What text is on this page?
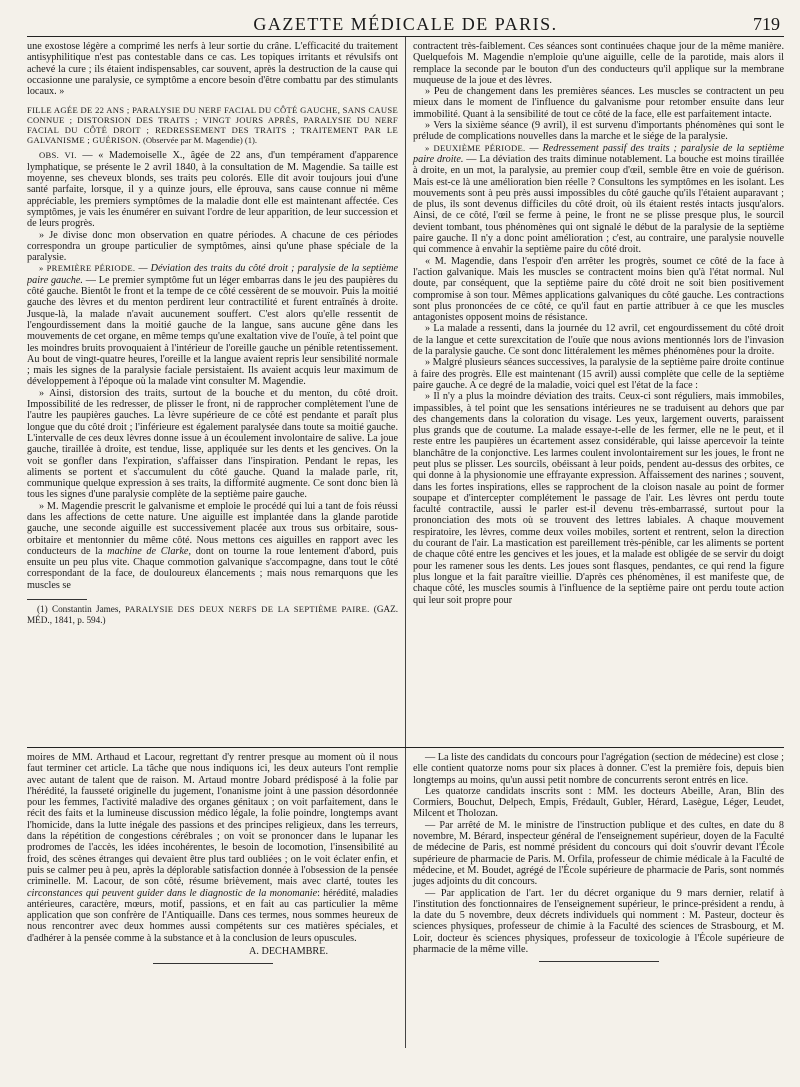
GAZETTE MÉDICALE DE PARIS.	719

une exostose légère a comprimé les nerfs à leur sortie du crâne. L'efficacité du traitement antisyphilitique n'est pas contestable dans ce cas. Les topiques irritants et révulsifs ont achevé la cure ; ils étaient indispensables, car souvent, après la destruction de la cause qui occasionne une paralysie, ce symptôme a encore besoin d'être combattu par des stimulants locaux. »

FILLE AGÉE DE 22 ANS ; PARALYSIE DU NERF FACIAL DU CÔTÉ GAUCHE, SANS CAUSE CONNUE ; DISTORSION DES TRAITS ; VINGT JOURS APRÈS, PARALYSIE DU NERF FACIAL DU CÔTÉ DROIT ; REDRESSEMENT DES TRAITS ; TRAITEMENT PAR LE GALVANISME ; GUÉRISON. (Observée par M. Magendie) (1).

OBS. VI. — « Mademoiselle X., âgée de 22 ans, d'un tempérament d'apparence lymphatique, se présente le 2 avril 1840, à la consultation de M. Magendie. Sa taille est moyenne, ses cheveux blonds, ses traits peu colorés. Elle dit avoir toujours joui d'une santé parfaite, lorsque, il y a quinze jours, elle éprouva, sans cause connue ni même appréciable, les premiers symptômes de la maladie dont elle est maintenant affectée. Ces symptômes, je vais les énumérer en suivant l'ordre de leur apparition, de leur succession et de leurs progrès.

» Je divise donc mon observation en quatre périodes. A chacune de ces périodes correspondra un groupe particulier de symptômes, ainsi qu'une phase spéciale de la paralysie.

» PREMIÈRE PÉRIODE. — Déviation des traits du côté droit ; paralysie de la septième paire gauche. — Le premier symptôme fut un léger embarras dans le jeu des paupières du côté gauche. Bientôt le front et la tempe de ce côté cessèrent de se mouvoir. Puis la moitié gauche des lèvres et du menton perdirent leur contractilité et furent entraînés à droite. Jusque-là, la malade n'avait aucunement souffert. C'est alors qu'elle ressentit de l'engourdissement dans la moitié gauche de la langue, sans aucune gêne dans les mouvements de cet organe, en même temps qu'une exaltation vive de l'ouïe, à tel point que les moindres bruits provoquaient à l'intérieur de l'oreille gauche un pénible retentissement. Au bout de vingt-quatre heures, l'oreille et la langue avaient repris leur sensibilité normale ; mais les signes de la paralysie faciale persistaient. Ils avaient acquis leur maximum de développement à l'époque où la malade vint consulter M. Magendie.

» Ainsi, distorsion des traits, surtout de la bouche et du menton, du côté droit. Impossibilité de les redresser, de plisser le front, ni de rapprocher complètement l'une de l'autre les paupières gauches. La lèvre supérieure de ce côté est pendante et paraît plus longue que du côté droit ; l'inférieure est également paralysée dans toute sa moitié gauche. L'intervalle de ces deux lèvres donne issue à un écoulement involontaire de salive. La joue gauche, tiraillée à droite, est tendue, lisse, appliquée sur les dents et les gencives. On la voit se gonfler dans l'expiration, s'affaisser dans l'inspiration. Pendant le repas, les aliments se portent et s'accumulent du côté gauche. Quand la malade parle, rit, communique quelque expression à ses traits, la difformité augmente. Ce sont donc bien là tous les signes d'une paralysie complète de la septième paire gauche.

» M. Magendie prescrit le galvanisme et emploie le procédé qui lui a tant de fois réussi dans les affections de cette nature. Une aiguille est implantée dans la glande parotide gauche, une seconde aiguille est successivement placée aux trous sus orbitaire, sous-orbitaire et mentonnier du même côté. Nous mettons ces aiguilles en rapport avec les conducteurs de la machine de Clarke, dont on tourne la roue lentement d'abord, puis ensuite un peu plus vite. Chaque commotion galvanique s'accompagne, dans tout le côté correspondant de la face, de douloureux élancements ; mais nous remarquons que les muscles se

(1) Constantin James, PARALYSIE DES DEUX NERFS DE LA SEPTIÈME PAIRE. (GAZ. MÉD., 1841, p. 594.)

contractent très-faiblement. Ces séances sont continuées chaque jour de la même manière. Quelquefois M. Magendie n'emploie qu'une aiguille, celle de la parotide, mais alors il remplace la seconde par le bouton d'un des conducteurs qu'il applique sur la membrane muqueuse de la joue et des lèvres.

» Peu de changement dans les premières séances. Les muscles se contractent un peu mieux dans le moment de l'influence du galvanisme pour retomber ensuite dans leur immobilité. Quant à la sensibilité de tout ce côté de la face, elle est parfaitement intacte.

» Vers la sixième séance (9 avril), il est survenu d'importants phénomènes qui sont le prélude de complications nouvelles dans la marche et le siége de la paralysie.

» DEUXIÈME PÉRIODE. — Redressement passif des traits ; paralysie de la septième paire droite. — La déviation des traits diminue notablement. La bouche est moins tiraillée à droite, en un mot, la paralysie, au premier coup d'œil, semble être en voie de guérison. Mais est-ce là une amélioration bien réelle ? Consultons les symptômes en les isolant. Les mouvements sont à peu près aussi impossibles du côté gauche qu'ils l'étaient auparavant ; de plus, ils sont devenus difficiles du côté droit, où ils étaient restés intacts jusqu'alors. Ainsi, de ce côté, l'œil se ferme à peine, le front ne se plisse presque plus, le sourcil devient tombant, tous phénomènes qui ont signalé le début de la paralysie de la septième paire gauche. Il n'y a donc point amélioration ; c'est, au contraire, une paralysie nouvelle qui commence à envahir la septième paire du côté droit.

« M. Magendie, dans l'espoir d'en arrêter les progrès, soumet ce côté de la face à l'action galvanique. Mais les muscles se contractent moins bien qu'à l'état normal. Nul doute, par conséquent, que la septième paire du côté droit ne soit bien positivement compromise à son tour. Mêmes applications galvaniques du côté gauche. Les contractions sont plus prononcées de ce côté, ce qu'il faut en partie attribuer à ce que les muscles antagonistes opposent moins de résistance.

» La malade a ressenti, dans la journée du 12 avril, cet engourdissement du côté droit de la langue et cette surexcitation de l'ouïe que nous avions mentionnés lors de l'invasion de la paralysie gauche. Ce sont donc littéralement les mêmes phénomènes pour la droite.

» Malgré plusieurs séances successives, la paralysie de la septième paire droite continue à faire des progrès. Elle est maintenant (15 avril) aussi complète que celle de la septième paire gauche. A ce degré de la maladie, voici quel est l'état de la face :

» Il n'y a plus la moindre déviation des traits. Ceux-ci sont réguliers, mais immobiles, impassibles, à tel point que les sensations intérieures ne se traduisent au dehors que par des changements dans la coloration du visage. Les yeux, largement ouverts, paraissent plus grands que de coutume. La malade essaye-t-elle de les fermer, elle ne le peut, et il reste entre les paupières un écartement assez considérable, qui laisse apercevoir la teinte blanchâtre de la conjonctive. Les larmes coulent involontairement sur les joues, le front ne peut plus se plisser. Les sourcils, obéissant à leur poids, pendent au-dessus des orbites, ce qui donne à la physionomie une effrayante expression. Affaissement des narines ; souvent, dans les fortes inspirations, elles se rapprochent de la cloison nasale au point de former soupape et d'intercepter complétement le passage de l'air. Les lèvres ont perdu toute faculté contractile, aussi le parler est-il devenu très-embarrassé, surtout pour la prononciation des mots où se trouvent des lettres labiales. A chaque mouvement respiratoire, les lèvres, comme deux voiles mobiles, sortent et rentrent, selon la direction du courant de l'air. La mastication est pareillement très-pénible, car les aliments se portent de chaque côté entre les gencives et les joues, et la malade est obligée de se servir du doigt pour les ramener sous les dents. Les joues sont flasques, pendantes, ce qui rend la figure plus longue et la fait paraître vieillie. D'après ces phénomènes, il est manifeste que, de chaque côté, les muscles soumis à l'influence de la septième paire ont perdu toute action qui leur soit propre pour

moires de MM. Arthaud et Lacour, regrettant d'y rentrer presque au moment où il nous faut terminer cet article. La tâche que nous indiquons ici, les deux auteurs l'ont remplie avec autant de talent que de raison. M. Artaud montre Jobard prédisposé à la folie par l'hérédité, la fausseté originelle du jugement, l'onanisme joint à une passion désordonnée pour les femmes, l'activité maladive des organes génitaux ; on voit parfaitement, dans le récit des faits et la lumineuse discussion médico légale, la folie poindre, longtemps avant l'homicide, dans la lutte inégale des passions et des principes religieux, dans les terreurs, dans la répétition de congestions cérébrales ; on voit se prononcer dans le lupanar les prodromes de l'accès, les idées incohérentes, le besoin de locomotion, l'insensibilité au froid, des scènes étranges qui devaient être plus tard oubliées ; on le voit éclater enfin, et puis se calmer peu à peu, après la déplorable satisfaction donnée à l'obsession de la pensée criminelle. M. Lacour, de son côté, résume brièvement, mais avec clarté, toutes les circonstances qui peuvent guider dans le diagnostic de la monomanie: hérédité, maladies antérieures, caractère, mœurs, motif, passions, et en fait au cas particulier la même application que son confrère de l'Antiquaille. Dans ces termes, nous sommes heureux de nous rencontrer avec deux hommes aussi compétents sur ces matières spéciales, et d'adhérer à la pensée comme à la substance et à la conclusion de leurs opuscules.

A. DECHAMBRE.

— La liste des candidats du concours pour l'agrégation (section de médecine) est close ; elle contient quatorze noms pour six places à donner. C'est la première fois, depuis bien longtemps au moins, qu'un aussi petit nombre de concurrents seront entrés en lice.

Les quatorze candidats inscrits sont : MM. les docteurs Abeille, Aran, Blin des Cormiers, Bouchut, Delpech, Empis, Frédault, Gubler, Hérard, Lasègue, Léger, Leudet, Milcent et Tholozan.

— Par arrêté de M. le ministre de l'instruction publique et des cultes, en date du 8 novembre, M. Bérard, inspecteur général de l'enseignement supérieur, doyen de la Faculté de médecine de Paris, est nommé président du concours qui doit s'ouvrir devant l'École supérieure de pharmacie de Paris. M. Orfila, professeur de chimie médicale à la Faculté de médecine, et M. Boudet, agrégé de l'École supérieure de pharmacie de Paris, sont nommés juges adjoints du dit concours.

— Par application de l'art. 1er du décret organique du 9 mars dernier, relatif à l'institution des fonctionnaires de l'enseignement supérieur, le prince-président a rendu, à la date du 5 novembre, deux décrets individuels qui nomment : M. Pasteur, docteur ès sciences physiques, professeur de chimie à la Faculté des sciences de Strasbourg, et M. Loir, docteur ès sciences physiques, professeur de toxicologie à l'École supérieure de pharmacie de la même ville.
